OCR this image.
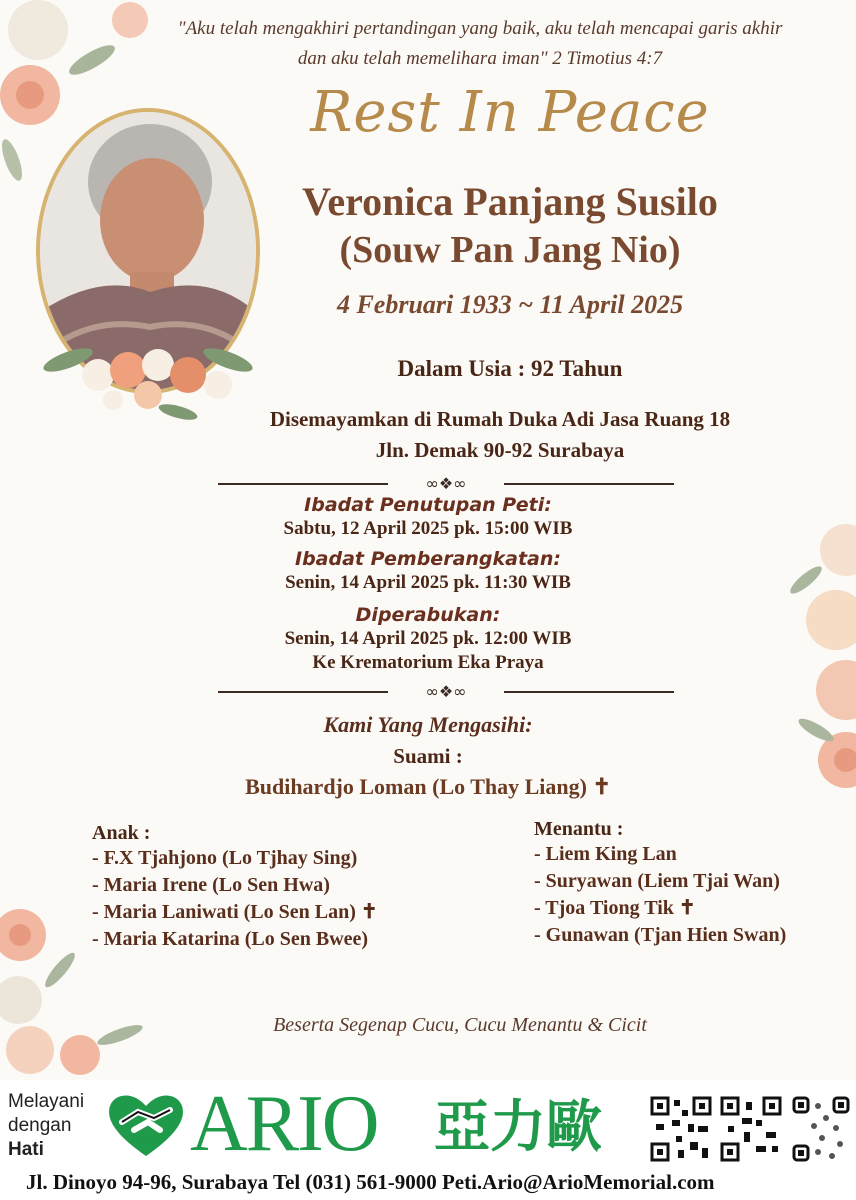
"Aku telah mengakhiri pertandingan yang baik, aku telah mencapai garis akhir
dan aku telah memelihara iman" 2 Timotius 4:7
Rest In Peace
Veronica Panjang Susilo
(Souw Pan Jang Nio)
4 Februari 1933 ~ 11 April 2025
Dalam Usia : 92 Tahun
Disemayamkan di Rumah Duka Adi Jasa Ruang 18
Jln. Demak 90-92 Surabaya
∞❖∞
Ibadat Penutupan Peti:
Sabtu, 12 April 2025 pk. 15:00 WIB
Ibadat Pemberangkatan:
Senin, 14 April 2025 pk. 11:30 WIB
Diperabukan:
Senin, 14 April 2025 pk. 12:00 WIB
Ke Krematorium Eka Praya
∞❖∞
Kami Yang Mengasihi:
Suami :
Budihardjo Loman (Lo Thay Liang) ✝
Anak :
- F.X Tjahjono (Lo Tjhay Sing)
- Maria Irene (Lo Sen Hwa)
- Maria Laniwati (Lo Sen Lan) ✝
- Maria Katarina (Lo Sen Bwee)
Menantu :
- Liem King Lan
- Suryawan (Liem Tjai Wan)
- Tjoa Tiong Tik ✝
- Gunawan (Tjan Hien Swan)
Beserta Segenap Cucu, Cucu Menantu & Cicit
Melayani
dengan
Hati	ARIO 亞力歐
Jl. Dinoyo 94-96, Surabaya Tel (031) 561-9000 Peti.Ario@ArioMemorial.com
